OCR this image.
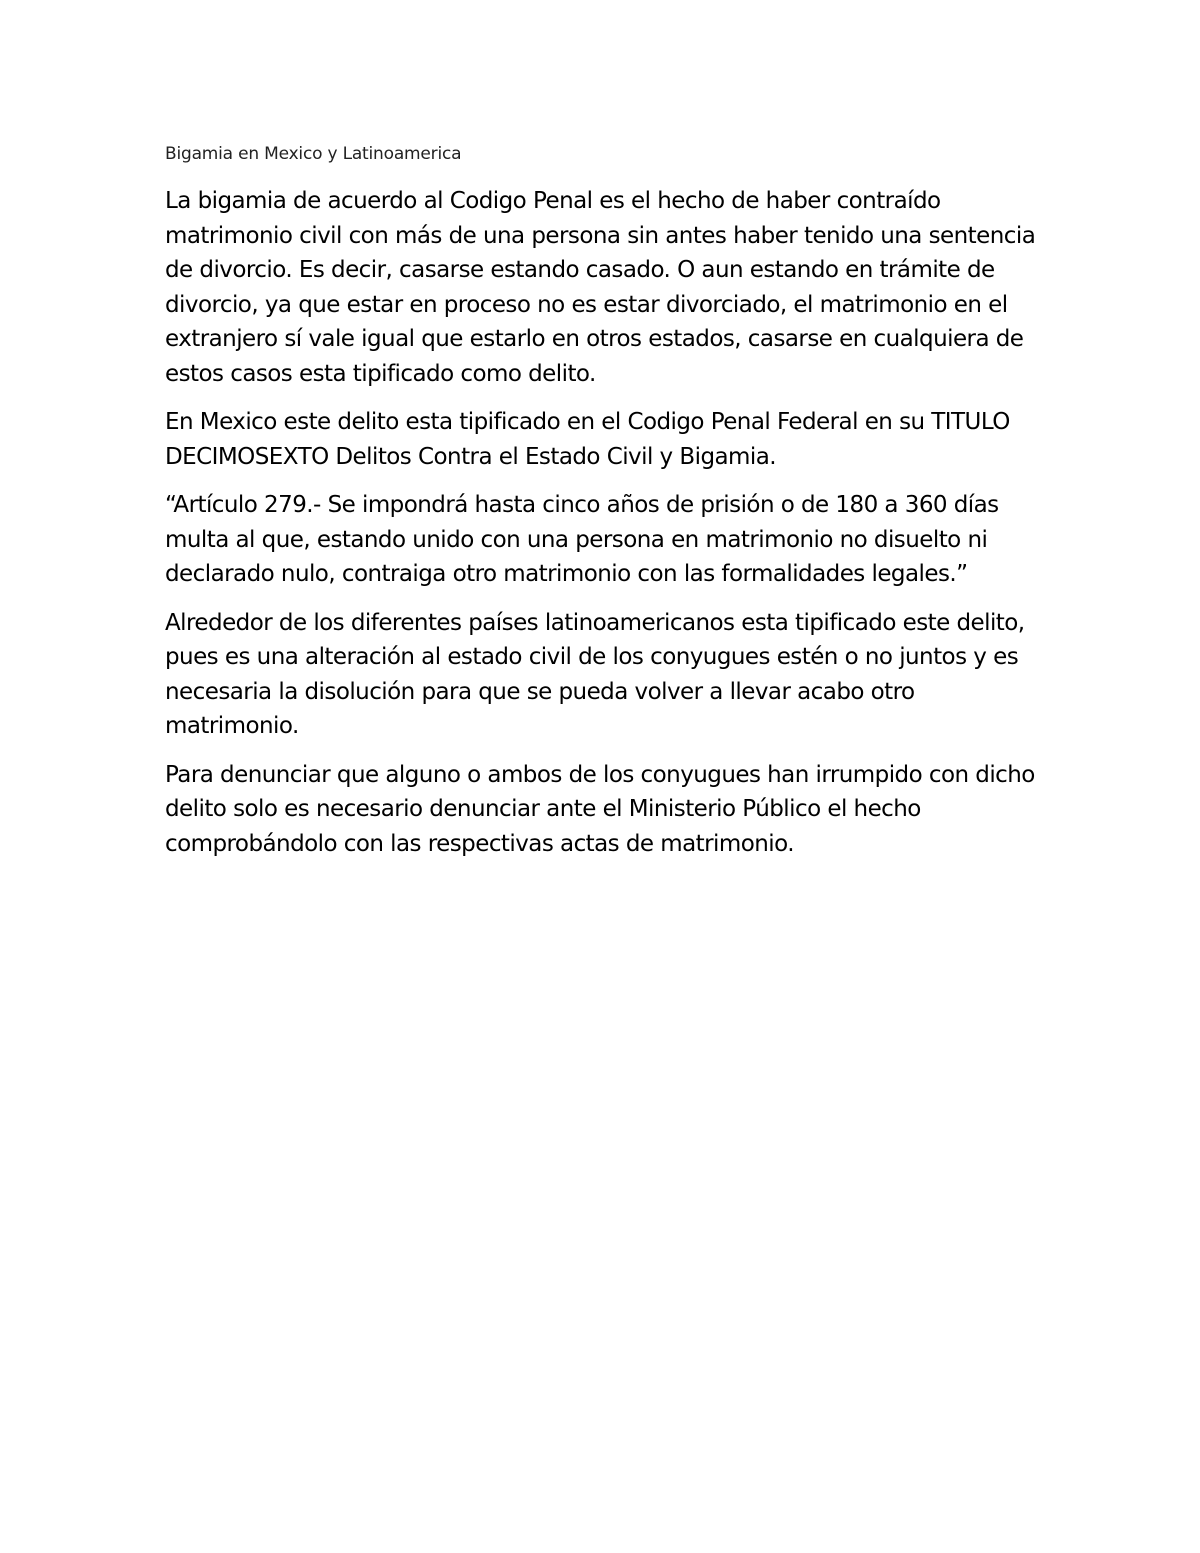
Bigamia en Mexico y Latinoamerica

La bigamia de acuerdo al Codigo Penal es el hecho de haber contraído matrimonio civil con más de una persona sin antes haber tenido una sentencia de divorcio. Es decir, casarse estando casado. O aun estando en trámite de divorcio, ya que estar en proceso no es estar divorciado, el matrimonio en el extranjero sí vale igual que estarlo en otros estados, casarse en cualquiera de estos casos esta tipificado como delito.

En Mexico este delito esta tipificado en el Codigo Penal Federal en su TITULO DECIMOSEXTO Delitos Contra el Estado Civil y Bigamia.

“Artículo 279.- Se impondrá hasta cinco años de prisión o de 180 a 360 días multa al que, estando unido con una persona en matrimonio no disuelto ni declarado nulo, contraiga otro matrimonio con las formalidades legales.”

Alrededor de los diferentes países latinoamericanos esta tipificado este delito, pues es una alteración al estado civil de los conyugues estén o no juntos y es necesaria la disolución para que se pueda volver a llevar acabo otro matrimonio.

Para denunciar que alguno o ambos de los conyugues han irrumpido con dicho delito solo es necesario denunciar ante el Ministerio Público el hecho comprobándolo con las respectivas actas de matrimonio.
